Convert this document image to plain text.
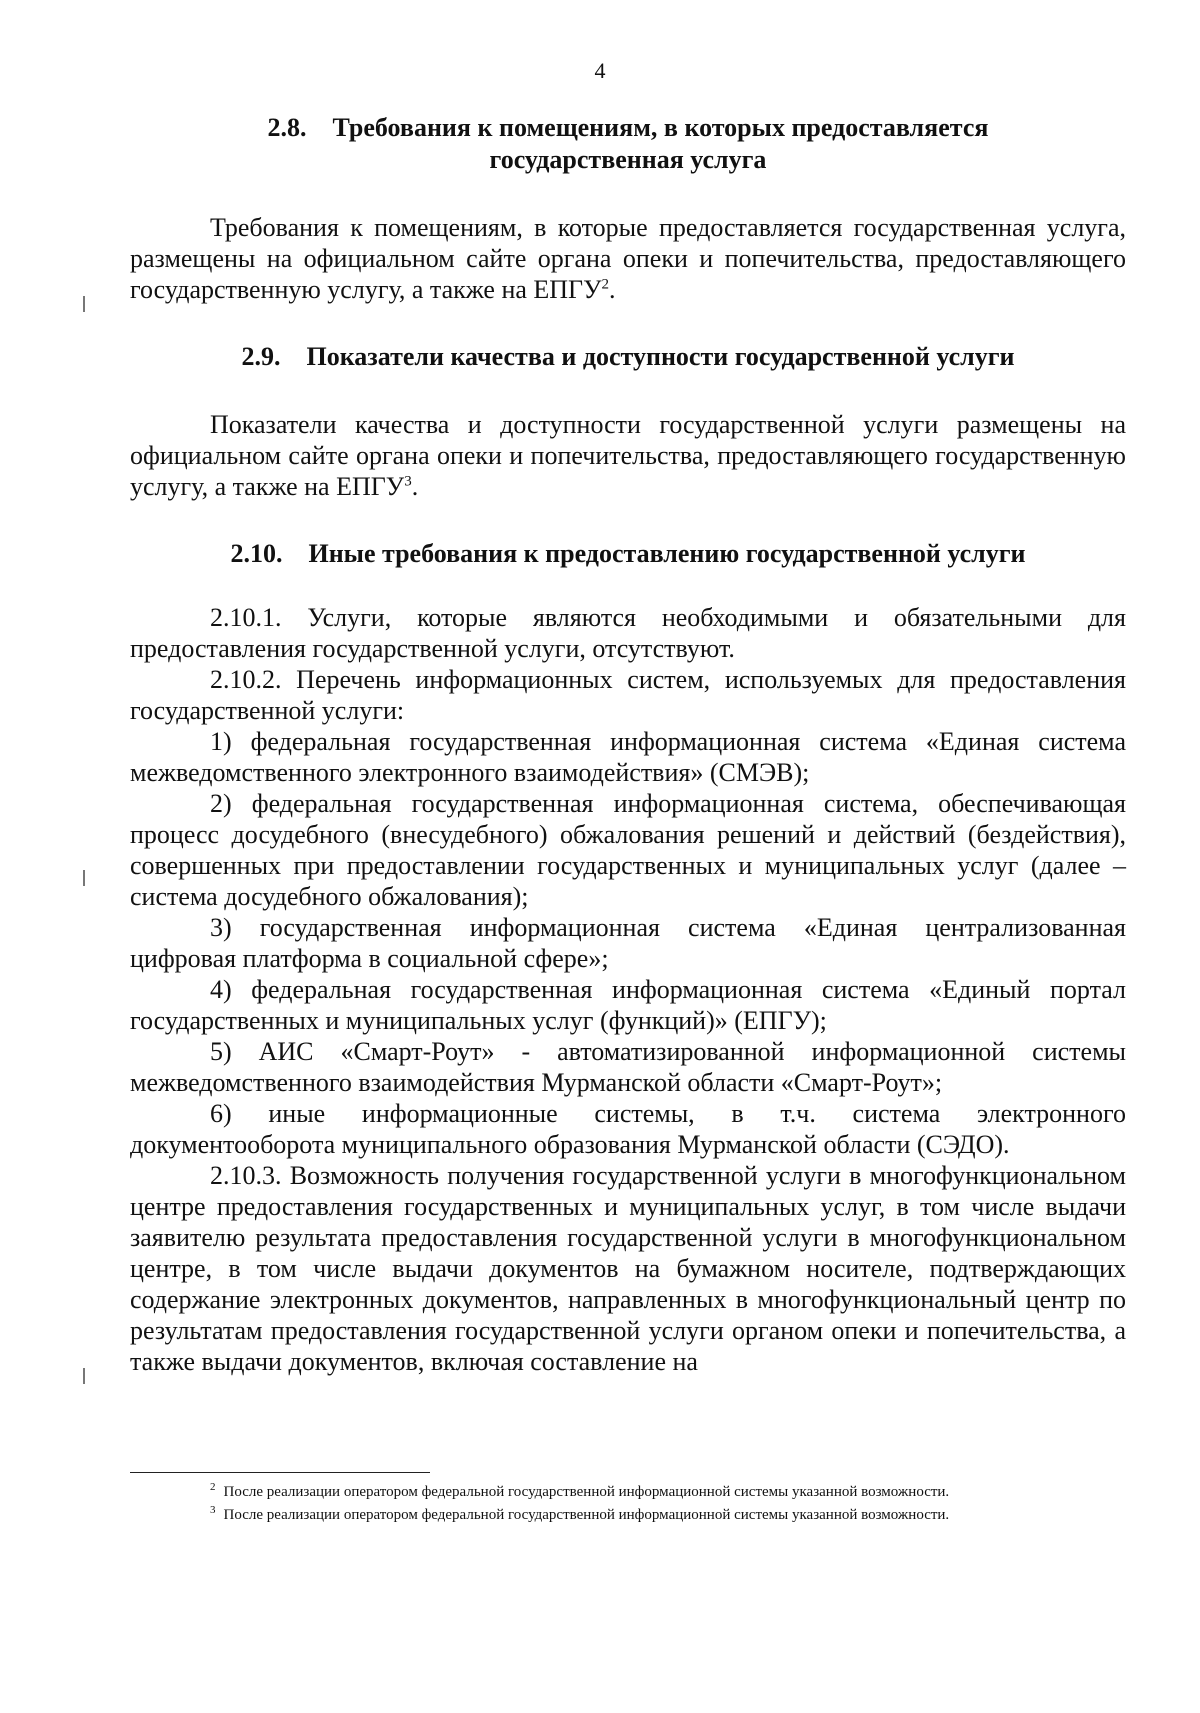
4
2.8. Требования к помещениям, в которых предоставляется
государственная услуга

Требования к помещениям, в которые предоставляется государственная услуга, размещены на официальном сайте органа опеки и попечительства, предоставляющего государственную услугу, а также на ЕПГУ$^2$.

2.9. Показатели качества и доступности государственной услуги

Показатели качества и доступности государственной услуги размещены на официальном сайте органа опеки и попечительства, предоставляющего государственную услугу, а также на ЕПГУ$^3$.

2.10. Иные требования к предоставлению государственной услуги

2.10.1. Услуги, которые являются необходимыми и обязательными для предоставления государственной услуги, отсутствуют.

2.10.2. Перечень информационных систем, используемых для предоставления государственной услуги:

1) федеральная государственная информационная система «Единая система межведомственного электронного взаимодействия» (СМЭВ);

2) федеральная государственная информационная система, обеспечивающая процесс досудебного (внесудебного) обжалования решений и действий (бездействия), совершенных при предоставлении государственных и муниципальных услуг (далее – система досудебного обжалования);

3) государственная информационная система «Единая централизованная цифровая платформа в социальной сфере»;

4) федеральная государственная информационная система «Единый портал государственных и муниципальных услуг (функций)» (ЕПГУ);

5) АИС «Смарт-Роут» - автоматизированной информационной системы межведомственного взаимодействия Мурманской области «Смарт-Роут»;

6) иные информационные системы, в т.ч. система электронного документооборота муниципального образования Мурманской области (СЭДО).

2.10.3. Возможность получения государственной услуги в многофункциональном центре предоставления государственных и муниципальных услуг, в том числе выдачи заявителю результата предоставления государственной услуги в многофункциональном центре, в том числе выдачи документов на бумажном носителе, подтверждающих содержание электронных документов, направленных в многофункциональный центр по результатам предоставления государственной услуги органом опеки и попечительства, а также выдачи документов, включая составление на

$^2$ После реализации оператором федеральной государственной информационной системы указанной возможности.

$^3$ После реализации оператором федеральной государственной информационной системы указанной возможности.
